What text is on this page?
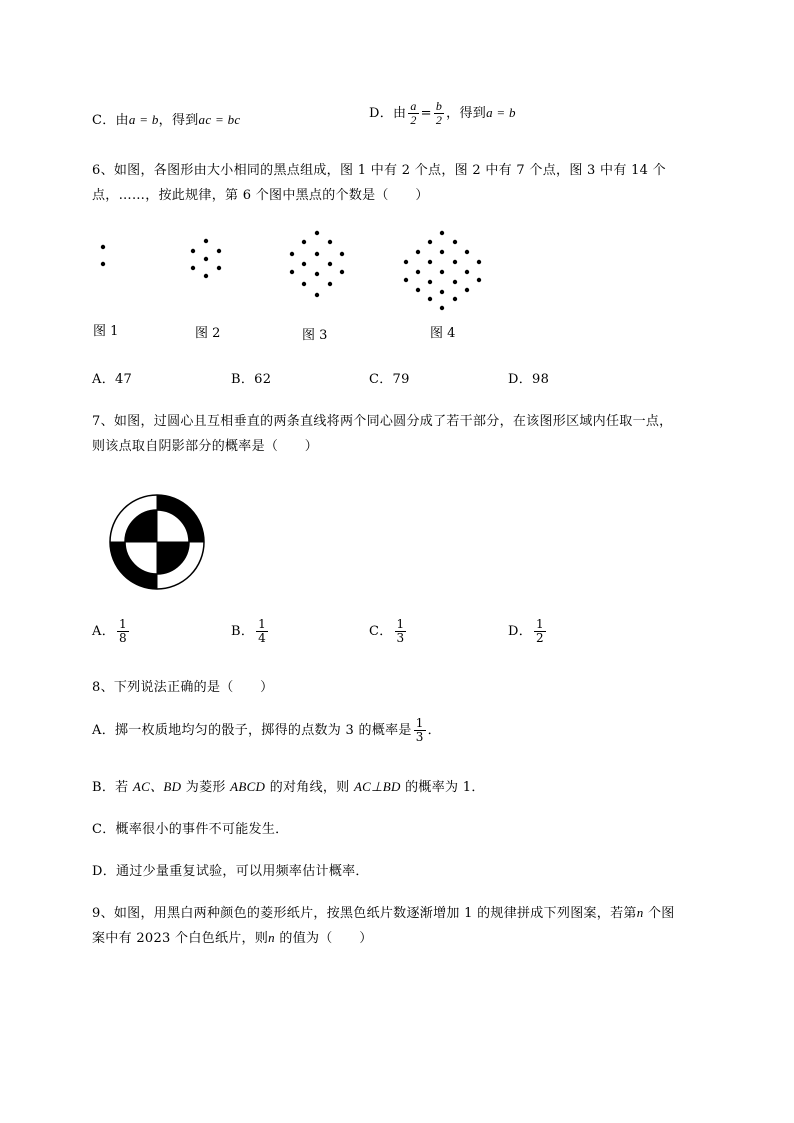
C．由a = b，得到ac = bc	D．由 $\frac{a}{2} = \frac{b}{2}$ ，得到a = b
6、如图，各图形由大小相同的黑点组成，图 1 中有 2 个点，图 2 中有 7 个点，图 3 中有 14 个
点，……，按此规律，第 6 个图中黑点的个数是（　　）
图 1	图 2	图 3	图 4
A．47	B．62	C．79	D．98
7、如图，过圆心且互相垂直的两条直线将两个同心圆分成了若干部分，在该图形区域内任取一点，
则该点取自阴影部分的概率是（　　）
A． $\frac{1}{8}$	B． $\frac{1}{4}$	C． $\frac{1}{3}$	D． $\frac{1}{2}$
8、下列说法正确的是（　　）
A．掷一枚质地均匀的骰子，掷得的点数为 3 的概率是 $\frac{1}{3}$ ．
B．若 AC、BD 为菱形 ABCD 的对角线，则 AC⊥BD 的概率为 1．
C．概率很小的事件不可能发生．
D．通过少量重复试验，可以用频率估计概率．
9、如图，用黑白两种颜色的菱形纸片，按黑色纸片数逐渐增加 1 的规律拼成下列图案，若第n 个图
案中有 2023 个白色纸片，则n 的值为（　　）
